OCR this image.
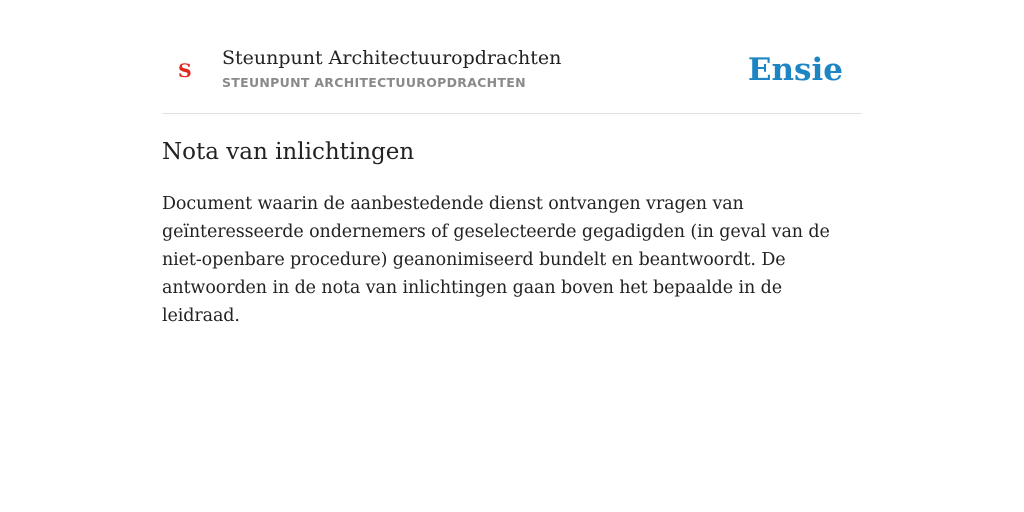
S
Steunpunt Architectuuropdrachten
STEUNPUNT ARCHITECTUUROPDRACHTEN	Ensie
Nota van inlichtingen

Document waarin de aanbestedende dienst ontvangen vragen van geïnteresseerde ondernemers of geselecteerde gegadigden (in geval van de niet-openbare procedure) geanonimiseerd bundelt en beantwoordt. De antwoorden in de nota van inlichtingen gaan boven het bepaalde in de leidraad.
